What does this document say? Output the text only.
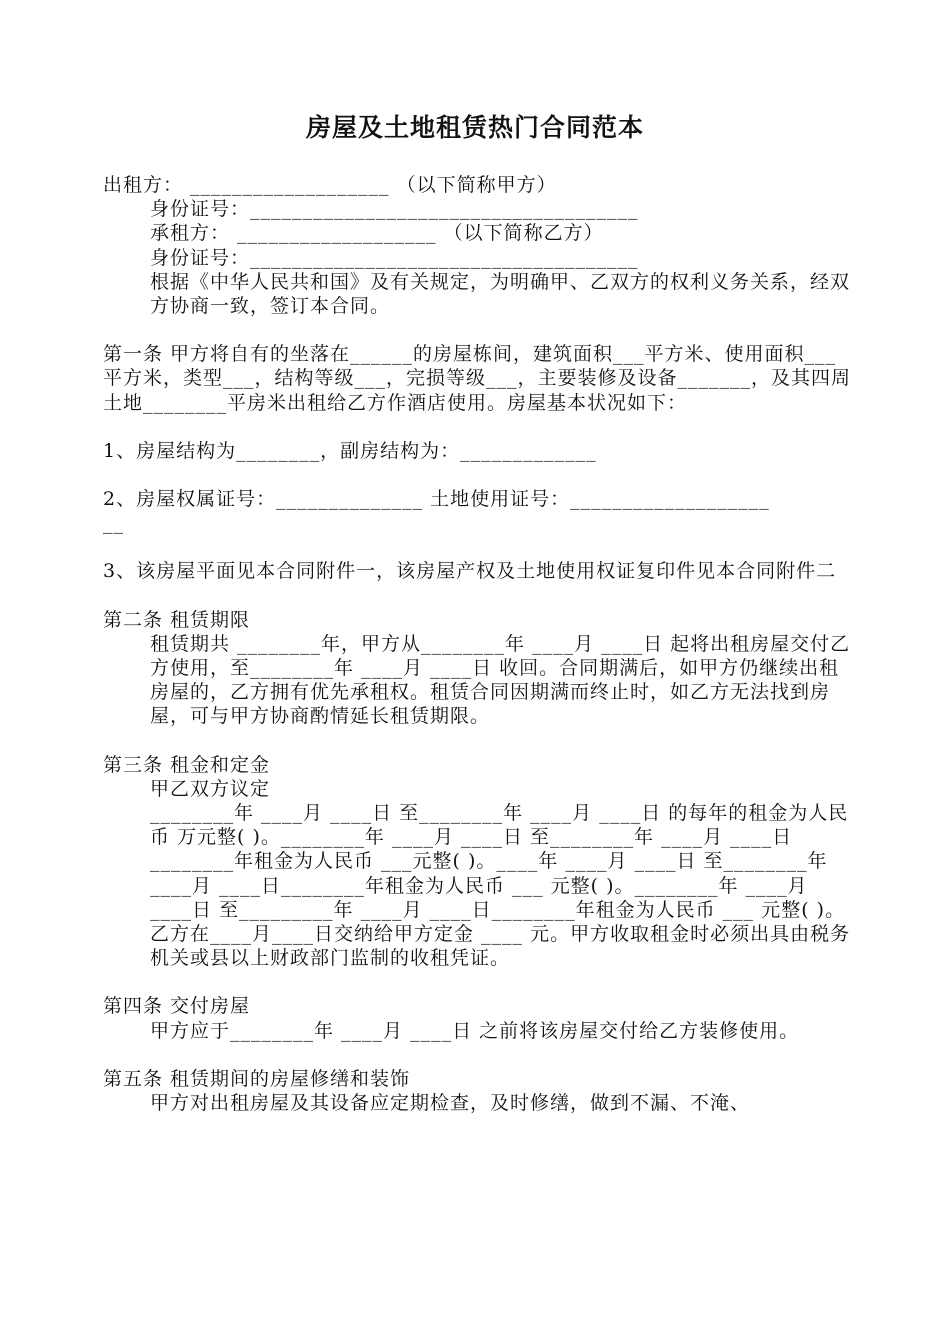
房屋及土地租赁热门合同范本

出租方： ___________________ （以下简称甲方）

身份证号：_____________________________________

承租方： ___________________ （以下简称乙方）

身份证号：_____________________________________

根据《中华人民共和国》及有关规定，为明确甲、乙双方的权利义务关系，经双方协商一致，签订本合同。

第一条 甲方将自有的坐落在______的房屋栋间，建筑面积___平方米、使用面积___平方米，类型___，结构等级___，完损等级___，主要装修及设备_______，及其四周土地________平房米出租给乙方作酒店使用。房屋基本状况如下：

1、房屋结构为________，副房结构为：_____________

2、房屋权属证号：______________ 土地使用证号：___________________

__

3、该房屋平面见本合同附件一，该房屋产权及土地使用权证复印件见本合同附件二

第二条 租赁期限

租赁期共 ________年，甲方从________年 ____月 ____日 起将出租房屋交付乙方使用，至________年 ____月 ____日 收回。合同期满后，如甲方仍继续出租房屋的，乙方拥有优先承租权。租赁合同因期满而终止时，如乙方无法找到房屋，可与甲方协商酌情延长租赁期限。

第三条 租金和定金

甲乙双方议定

________年 ____月 ____日 至________年 ____月 ____日 的每年的租金为人民币 万元整( )。________年 ____月 ____日 至________年 ____月 ____日________年租金为人民币 ___元整( )。____年 ____月 ____日 至________年 ____月 ____日________年租金为人民币 ___ 元整( )。________年 ____月 ____日 至_________年 ____月 ____日________年租金为人民币 ___ 元整( )。乙方在____月____日交纳给甲方定金 ____ 元。甲方收取租金时必须出具由税务机关或县以上财政部门监制的收租凭证。

第四条 交付房屋

甲方应于________年 ____月 ____日 之前将该房屋交付给乙方装修使用。

第五条 租赁期间的房屋修缮和装饰

甲方对出租房屋及其设备应定期检查，及时修缮，做到不漏、不淹、
